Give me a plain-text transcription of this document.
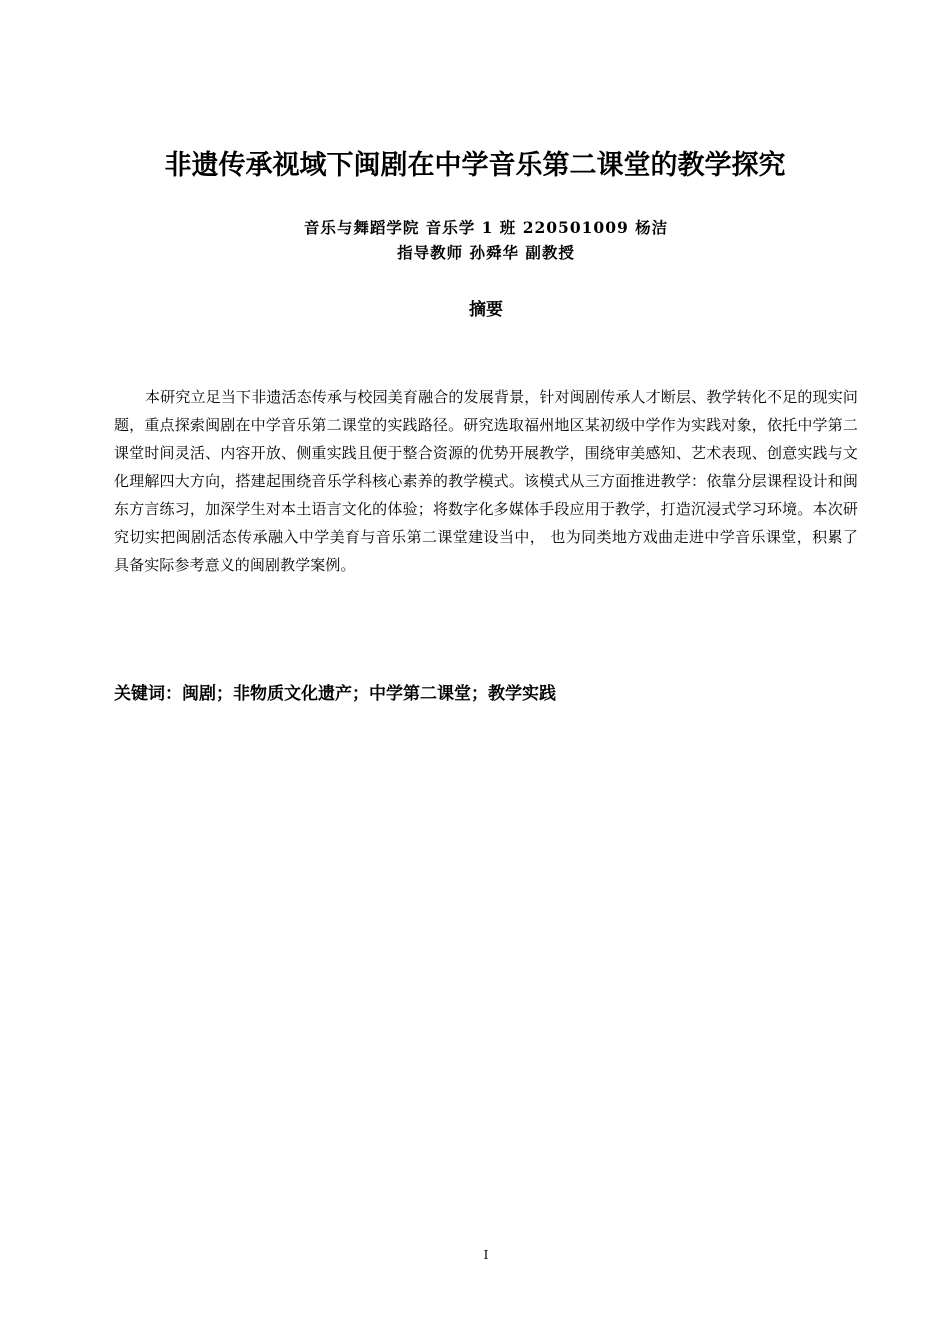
非遗传承视域下闽剧在中学音乐第二课堂的教学探究
音乐与舞蹈学院 音乐学 1 班 220501009 杨洁
指导教师 孙舜华 副教授
摘要

本研究立足当下非遗活态传承与校园美育融合的发展背景，针对闽剧传承人才断层、教学转化不足的现实问题，重点探索闽剧在中学音乐第二课堂的实践路径。研究选取福州地区某初级中学作为实践对象，依托中学第二课堂时间灵活、内容开放、侧重实践且便于整合资源的优势开展教学，围绕审美感知、艺术表现、创意实践与文化理解四大方向，搭建起围绕音乐学科核心素养的教学模式。该模式从三方面推进教学：依靠分层课程设计和闽东方言练习，加深学生对本土语言文化的体验；将数字化多媒体手段应用于教学，打造沉浸式学习环境。本次研究切实把闽剧活态传承融入中学美育与音乐第二课堂建设当中， 也为同类地方戏曲走进中学音乐课堂，积累了具备实际参考意义的闽剧教学案例。

关键词：闽剧；非物质文化遗产；中学第二课堂；教学实践
I
